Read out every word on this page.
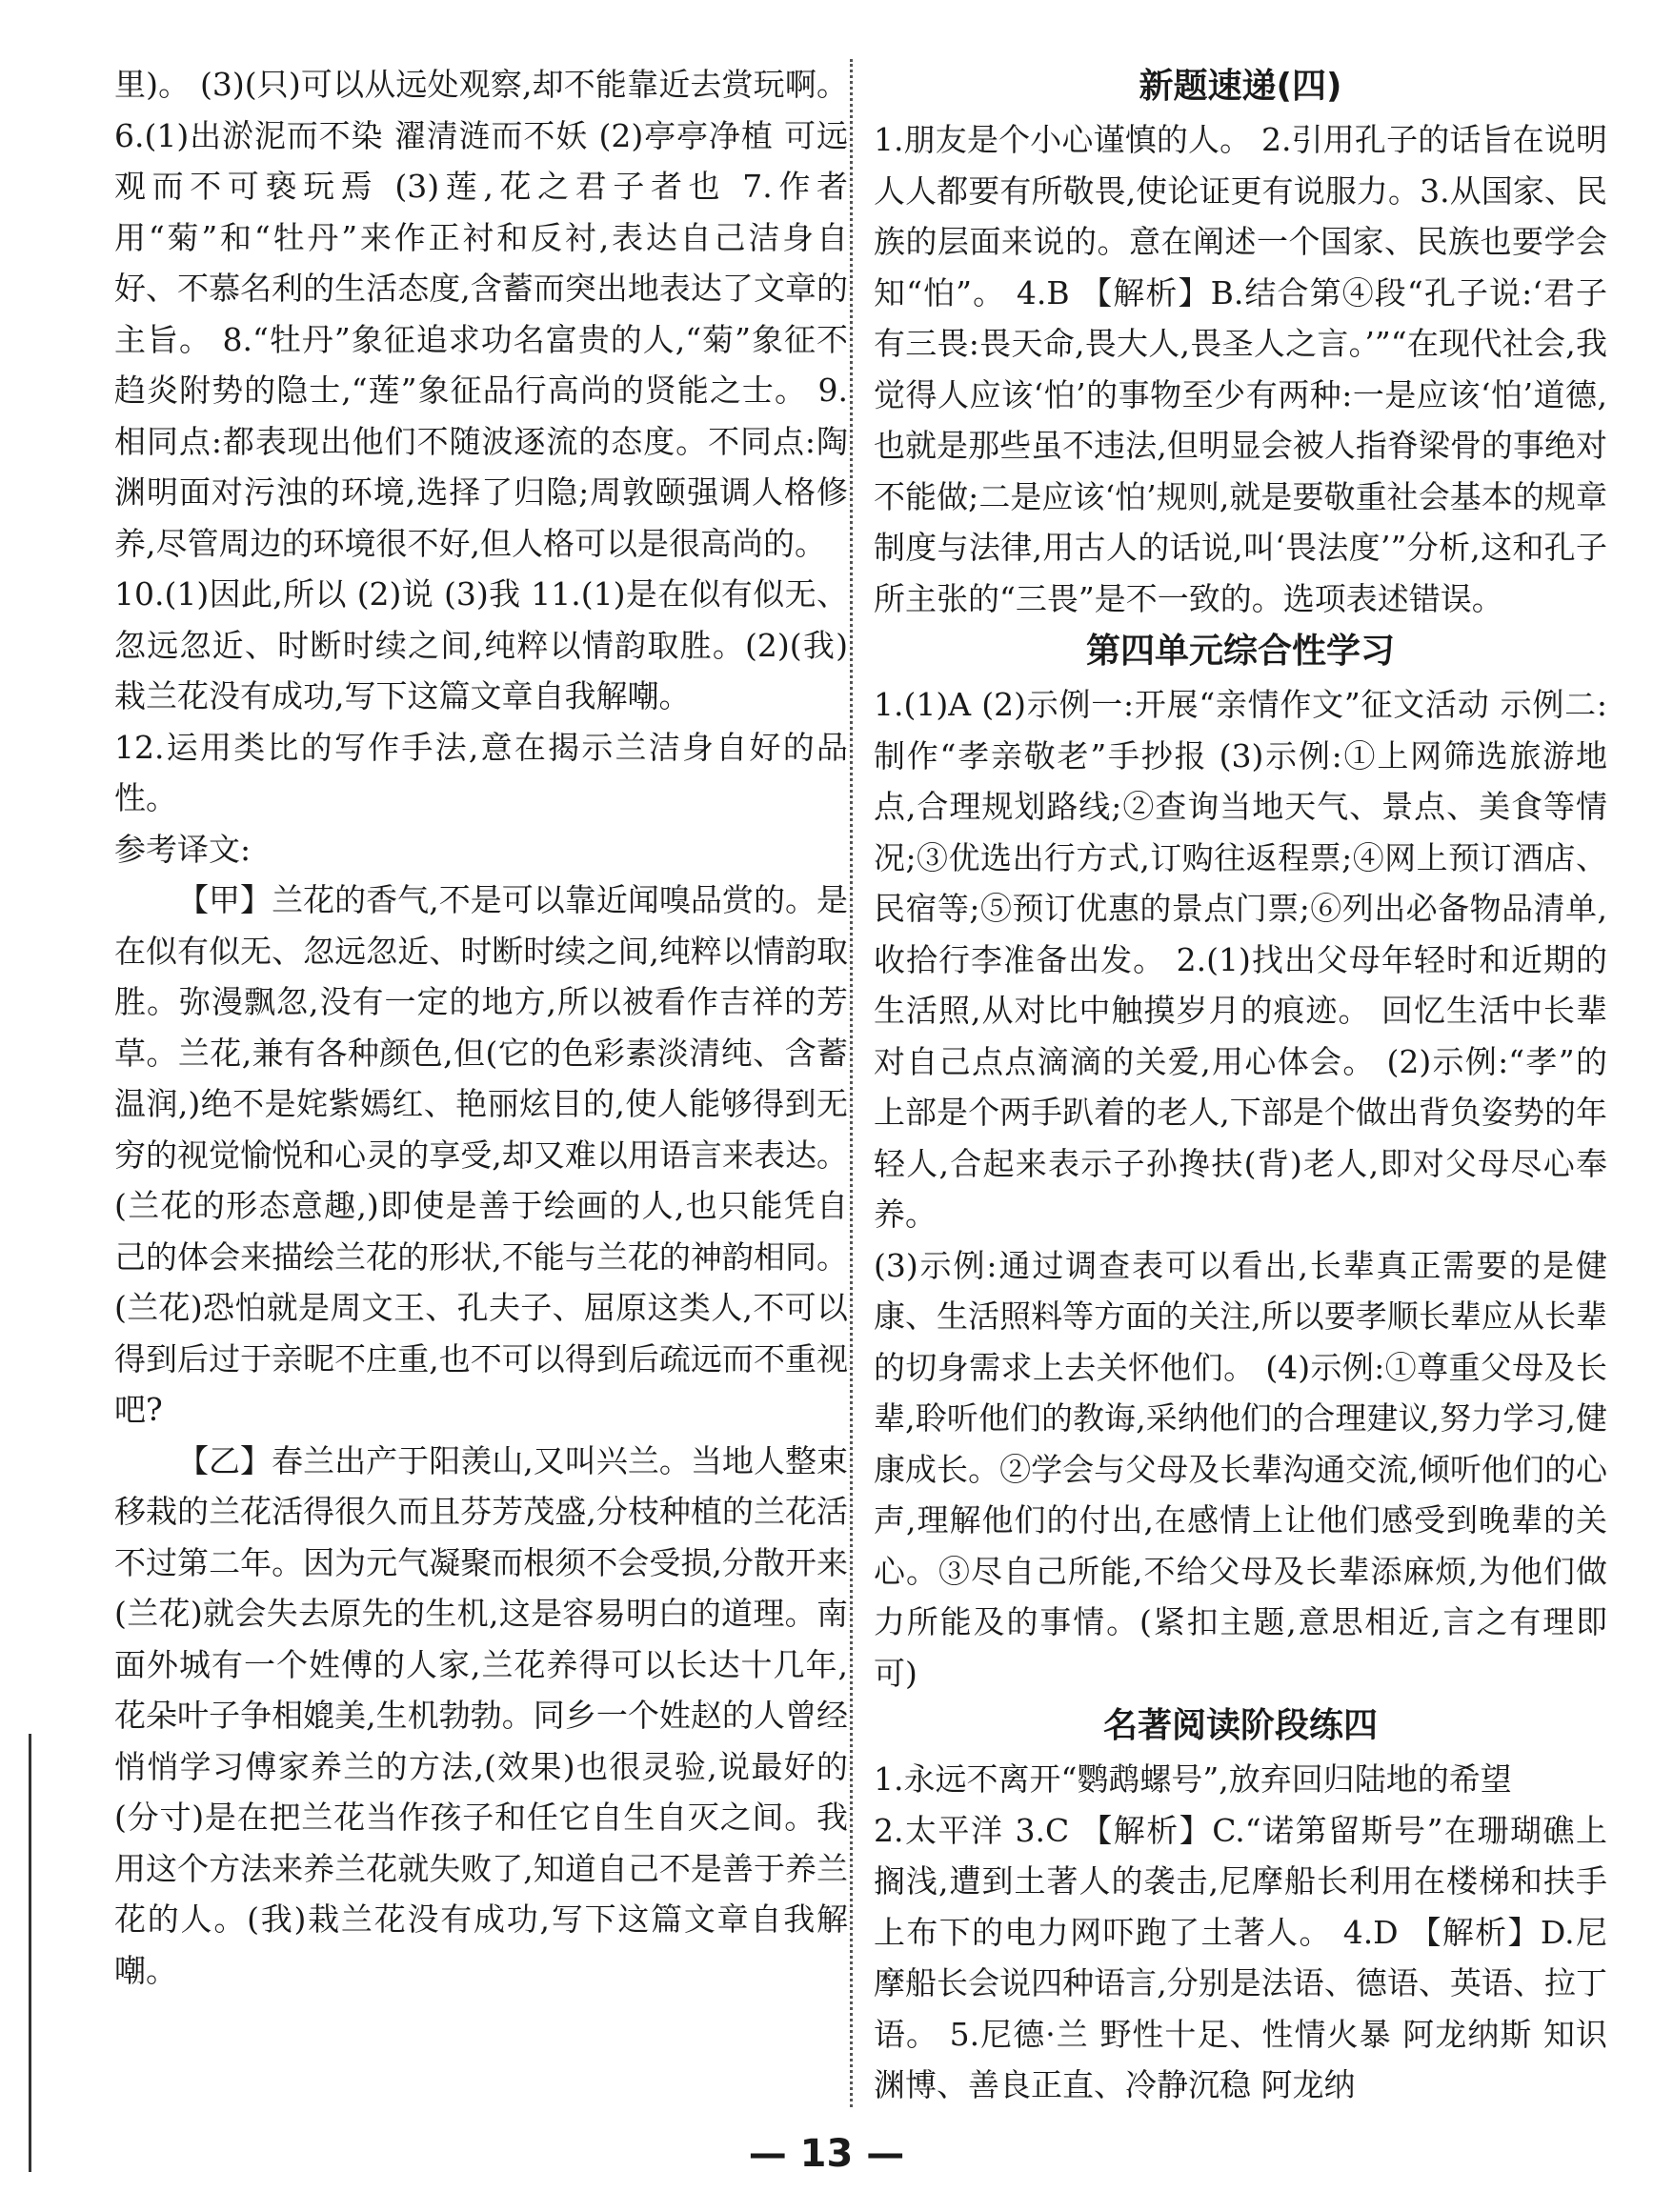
里)。 (3)(只)可以从远处观察,却不能靠近去赏玩啊。 6.(1)出淤泥而不染 濯清涟而不妖 (2)亭亭净植 可远观而不可亵玩焉 (3)莲,花之君子者也 7.作者用“菊”和“牡丹”来作正衬和反衬,表达自己洁身自好、不慕名利的生活态度,含蓄而突出地表达了文章的主旨。 8.“牡丹”象征追求功名富贵的人,“菊”象征不趋炎附势的隐士,“莲”象征品行高尚的贤能之士。 9.相同点:都表现出他们不随波逐流的态度。不同点:陶渊明面对污浊的环境,选择了归隐;周敦颐强调人格修养,尽管周边的环境很不好,但人格可以是很高尚的。

10.(1)因此,所以 (2)说 (3)我 11.(1)是在似有似无、忽远忽近、时断时续之间,纯粹以情韵取胜。(2)(我)栽兰花没有成功,写下这篇文章自我解嘲。

12.运用类比的写作手法,意在揭示兰洁身自好的品性。

参考译文:

【甲】兰花的香气,不是可以靠近闻嗅品赏的。是在似有似无、忽远忽近、时断时续之间,纯粹以情韵取胜。弥漫飘忽,没有一定的地方,所以被看作吉祥的芳草。兰花,兼有各种颜色,但(它的色彩素淡清纯、含蓄温润,)绝不是姹紫嫣红、艳丽炫目的,使人能够得到无穷的视觉愉悦和心灵的享受,却又难以用语言来表达。(兰花的形态意趣,)即使是善于绘画的人,也只能凭自己的体会来描绘兰花的形状,不能与兰花的神韵相同。(兰花)恐怕就是周文王、孔夫子、屈原这类人,不可以得到后过于亲昵不庄重,也不可以得到后疏远而不重视吧?

【乙】春兰出产于阳羡山,又叫兴兰。当地人整束移栽的兰花活得很久而且芬芳茂盛,分枝种植的兰花活不过第二年。因为元气凝聚而根须不会受损,分散开来(兰花)就会失去原先的生机,这是容易明白的道理。南面外城有一个姓傅的人家,兰花养得可以长达十几年,花朵叶子争相媲美,生机勃勃。同乡一个姓赵的人曾经悄悄学习傅家养兰的方法,(效果)也很灵验,说最好的(分寸)是在把兰花当作孩子和任它自生自灭之间。我用这个方法来养兰花就失败了,知道自己不是善于养兰花的人。(我)栽兰花没有成功,写下这篇文章自我解嘲。

新题速递(四)

1.朋友是个小心谨慎的人。 2.引用孔子的话旨在说明人人都要有所敬畏,使论证更有说服力。3.从国家、民族的层面来说的。意在阐述一个国家、民族也要学会知“怕”。 4.B 【解析】B.结合第④段“孔子说:‘君子有三畏:畏天命,畏大人,畏圣人之言。’”“在现代社会,我觉得人应该‘怕’的事物至少有两种:一是应该‘怕’道德,也就是那些虽不违法,但明显会被人指脊梁骨的事绝对不能做;二是应该‘怕’规则,就是要敬重社会基本的规章制度与法律,用古人的话说,叫‘畏法度’”分析,这和孔子所主张的“三畏”是不一致的。选项表述错误。

第四单元综合性学习

1.(1)A (2)示例一:开展“亲情作文”征文活动 示例二:制作“孝亲敬老”手抄报 (3)示例:①上网筛选旅游地点,合理规划路线;②查询当地天气、景点、美食等情况;③优选出行方式,订购往返程票;④网上预订酒店、民宿等;⑤预订优惠的景点门票;⑥列出必备物品清单,收拾行李准备出发。 2.(1)找出父母年轻时和近期的生活照,从对比中触摸岁月的痕迹。 回忆生活中长辈对自己点点滴滴的关爱,用心体会。 (2)示例:“孝”的上部是个两手趴着的老人,下部是个做出背负姿势的年轻人,合起来表示子孙搀扶(背)老人,即对父母尽心奉养。

(3)示例:通过调查表可以看出,长辈真正需要的是健康、生活照料等方面的关注,所以要孝顺长辈应从长辈的切身需求上去关怀他们。 (4)示例:①尊重父母及长辈,聆听他们的教诲,采纳他们的合理建议,努力学习,健康成长。②学会与父母及长辈沟通交流,倾听他们的心声,理解他们的付出,在感情上让他们感受到晚辈的关心。③尽自己所能,不给父母及长辈添麻烦,为他们做力所能及的事情。(紧扣主题,意思相近,言之有理即可)

名著阅读阶段练四

1.永远不离开“鹦鹉螺号”,放弃回归陆地的希望

2.太平洋 3.C 【解析】C.“诺第留斯号”在珊瑚礁上搁浅,遭到土著人的袭击,尼摩船长利用在楼梯和扶手上布下的电力网吓跑了土著人。 4.D 【解析】D.尼摩船长会说四种语言,分别是法语、德语、英语、拉丁语。 5.尼德·兰 野性十足、性情火暴 阿龙纳斯 知识渊博、善良正直、冷静沉稳 阿龙纳

— 13 —
